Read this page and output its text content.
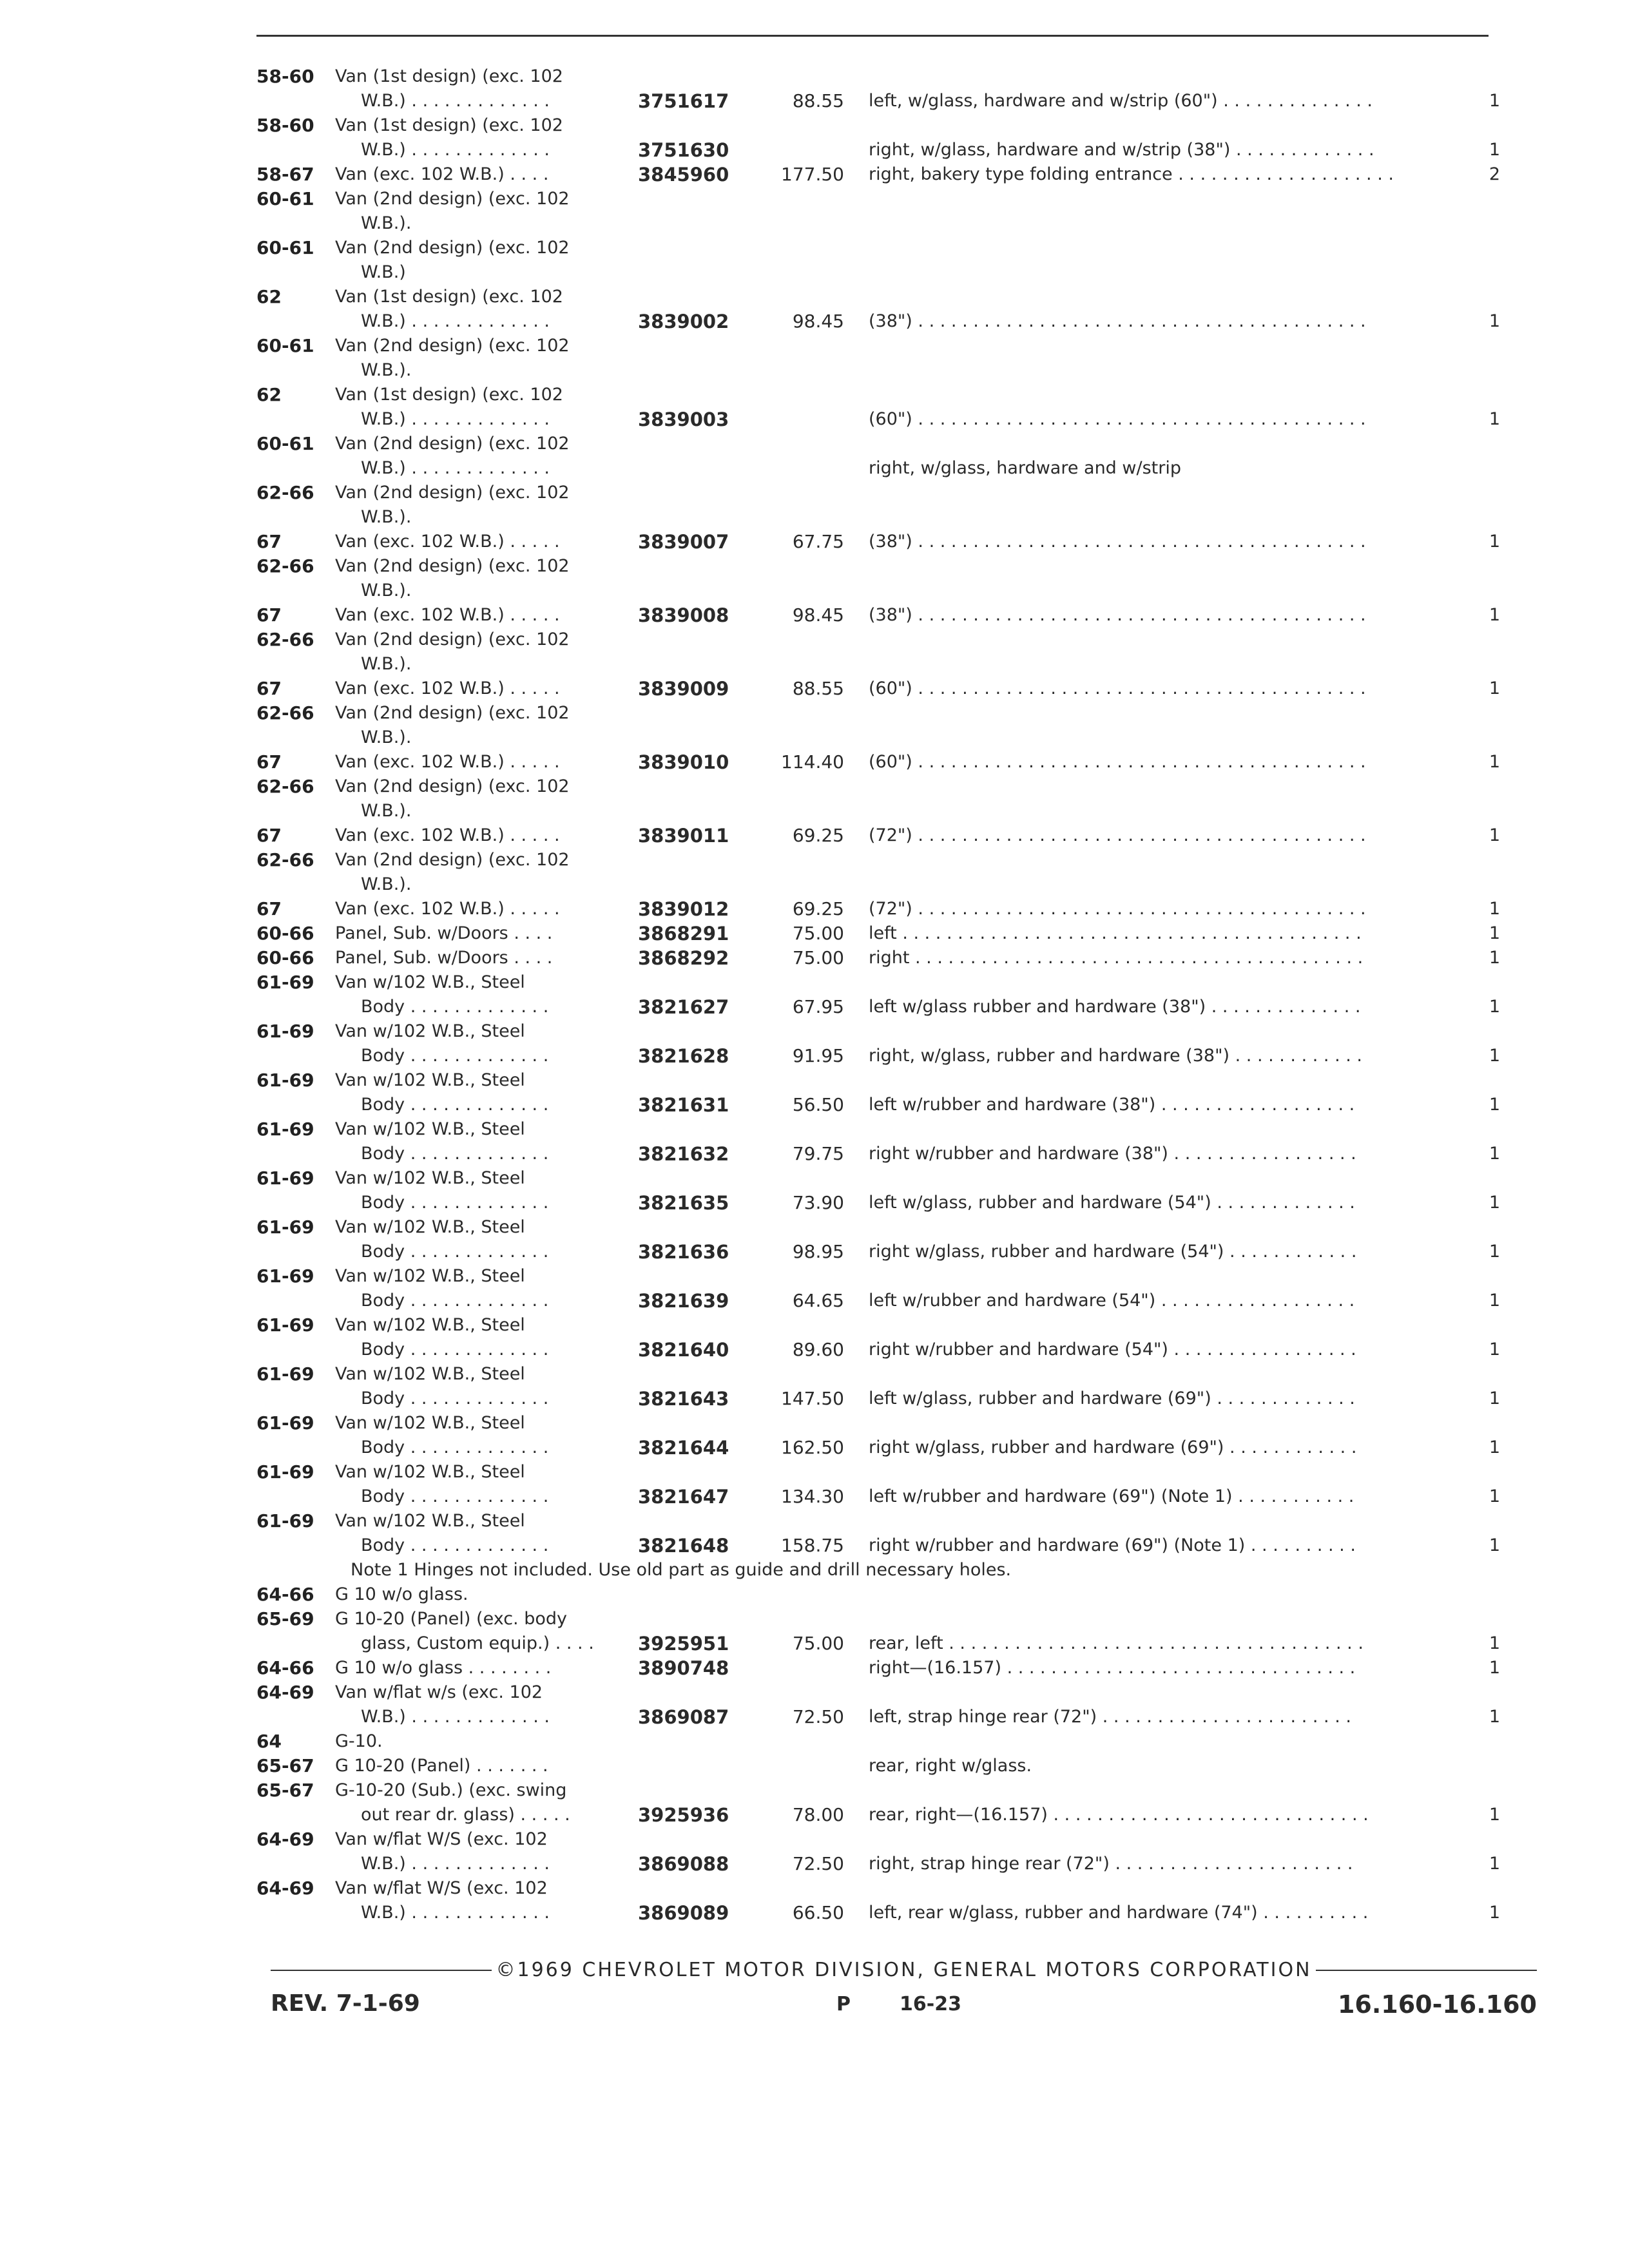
58-60	Van (1st design) (exc. 102
W.B.) . . . . . . . . . . . . .	3751617	88.55 left, w/glass, hardware and w/strip (60") . . . . . . . . . . . . . .	1
58-60	Van (1st design) (exc. 102
W.B.) . . . . . . . . . . . . .	3751630	right, w/glass, hardware and w/strip (38") . . . . . . . . . . . . .	1
58-67	Van (exc. 102 W.B.) . . . .	3845960	177.50 right, bakery type folding entrance . . . . . . . . . . . . . . . . . . . .	2
60-61	Van (2nd design) (exc. 102
W.B.).
60-61	Van (2nd design) (exc. 102
W.B.)
62	Van (1st design) (exc. 102
W.B.) . . . . . . . . . . . . .	3839002	98.45 (38") . . . . . . . . . . . . . . . . . . . . . . . . . . . . . . . . . . . . . . . . .	1
60-61	Van (2nd design) (exc. 102
W.B.).
62	Van (1st design) (exc. 102
W.B.) . . . . . . . . . . . . .	3839003	(60") . . . . . . . . . . . . . . . . . . . . . . . . . . . . . . . . . . . . . . . . .	1
60-61	Van (2nd design) (exc. 102
W.B.) . . . . . . . . . . . . .	right, w/glass, hardware and w/strip
62-66	Van (2nd design) (exc. 102
W.B.).
67	Van (exc. 102 W.B.) . . . . .	3839007	67.75 (38") . . . . . . . . . . . . . . . . . . . . . . . . . . . . . . . . . . . . . . . . .	1
62-66	Van (2nd design) (exc. 102
W.B.).
67	Van (exc. 102 W.B.) . . . . .	3839008	98.45 (38") . . . . . . . . . . . . . . . . . . . . . . . . . . . . . . . . . . . . . . . . .	1
62-66	Van (2nd design) (exc. 102
W.B.).
67	Van (exc. 102 W.B.) . . . . .	3839009	88.55 (60") . . . . . . . . . . . . . . . . . . . . . . . . . . . . . . . . . . . . . . . . .	1
62-66	Van (2nd design) (exc. 102
W.B.).
67	Van (exc. 102 W.B.) . . . . .	3839010	114.40 (60") . . . . . . . . . . . . . . . . . . . . . . . . . . . . . . . . . . . . . . . . .	1
62-66	Van (2nd design) (exc. 102
W.B.).
67	Van (exc. 102 W.B.) . . . . .	3839011	69.25 (72") . . . . . . . . . . . . . . . . . . . . . . . . . . . . . . . . . . . . . . . . .	1
62-66	Van (2nd design) (exc. 102
W.B.).
67	Van (exc. 102 W.B.) . . . . .	3839012	69.25 (72") . . . . . . . . . . . . . . . . . . . . . . . . . . . . . . . . . . . . . . . . .	1
60-66	Panel, Sub. w/Doors . . . .	3868291	75.00 left . . . . . . . . . . . . . . . . . . . . . . . . . . . . . . . . . . . . . . . . . .	1
60-66	Panel, Sub. w/Doors . . . .	3868292	75.00 right . . . . . . . . . . . . . . . . . . . . . . . . . . . . . . . . . . . . . . . . .	1
61-69	Van w/102 W.B., Steel
Body . . . . . . . . . . . . .	3821627	67.95 left w/glass rubber and hardware (38") . . . . . . . . . . . . . .	1
61-69	Van w/102 W.B., Steel
Body . . . . . . . . . . . . .	3821628	91.95 right, w/glass, rubber and hardware (38") . . . . . . . . . . . .	1
61-69	Van w/102 W.B., Steel
Body . . . . . . . . . . . . .	3821631	56.50 left w/rubber and hardware (38") . . . . . . . . . . . . . . . . . .	1
61-69	Van w/102 W.B., Steel
Body . . . . . . . . . . . . .	3821632	79.75 right w/rubber and hardware (38") . . . . . . . . . . . . . . . . .	1
61-69	Van w/102 W.B., Steel
Body . . . . . . . . . . . . .	3821635	73.90 left w/glass, rubber and hardware (54") . . . . . . . . . . . . .	1
61-69	Van w/102 W.B., Steel
Body . . . . . . . . . . . . .	3821636	98.95 right w/glass, rubber and hardware (54") . . . . . . . . . . . .	1
61-69	Van w/102 W.B., Steel
Body . . . . . . . . . . . . .	3821639	64.65 left w/rubber and hardware (54") . . . . . . . . . . . . . . . . . .	1
61-69	Van w/102 W.B., Steel
Body . . . . . . . . . . . . .	3821640	89.60 right w/rubber and hardware (54") . . . . . . . . . . . . . . . . .	1
61-69	Van w/102 W.B., Steel
Body . . . . . . . . . . . . .	3821643	147.50 left w/glass, rubber and hardware (69") . . . . . . . . . . . . .	1
61-69	Van w/102 W.B., Steel
Body . . . . . . . . . . . . .	3821644	162.50 right w/glass, rubber and hardware (69") . . . . . . . . . . . .	1
61-69	Van w/102 W.B., Steel
Body . . . . . . . . . . . . .	3821647	134.30 left w/rubber and hardware (69") (Note 1) . . . . . . . . . . .	1
61-69	Van w/102 W.B., Steel
Body . . . . . . . . . . . . .	3821648	158.75 right w/rubber and hardware (69") (Note 1) . . . . . . . . . .	1
Note 1 Hinges not included. Use old part as guide and drill necessary holes.
64-66	G 10 w/o glass.
65-69	G 10-20 (Panel) (exc. body
glass, Custom equip.) . . . .	3925951	75.00 rear, left . . . . . . . . . . . . . . . . . . . . . . . . . . . . . . . . . . . . . .	1
64-66	G 10 w/o glass . . . . . . . .	3890748	right—(16.157) . . . . . . . . . . . . . . . . . . . . . . . . . . . . . . . .	1
64-69	Van w/flat w/s (exc. 102
W.B.) . . . . . . . . . . . . .	3869087	72.50 left, strap hinge rear (72") . . . . . . . . . . . . . . . . . . . . . . .	1
64	G-10.
65-67	G 10-20 (Panel) . . . . . . .	rear, right w/glass.
65-67	G-10-20 (Sub.) (exc. swing
out rear dr. glass) . . . . .	3925936	78.00 rear, right—(16.157) . . . . . . . . . . . . . . . . . . . . . . . . . . . . .	1
64-69	Van w/flat W/S (exc. 102
W.B.) . . . . . . . . . . . . .	3869088	72.50 right, strap hinge rear (72") . . . . . . . . . . . . . . . . . . . . . .	1
64-69	Van w/flat W/S (exc. 102
W.B.) . . . . . . . . . . . . .	3869089	66.50 left, rear w/glass, rubber and hardware (74") . . . . . . . . . .	1
©1969 CHEVROLET MOTOR DIVISION, GENERAL MOTORS CORPORATION
REV. 7-1-69	P	16-23	16.160-16.160
